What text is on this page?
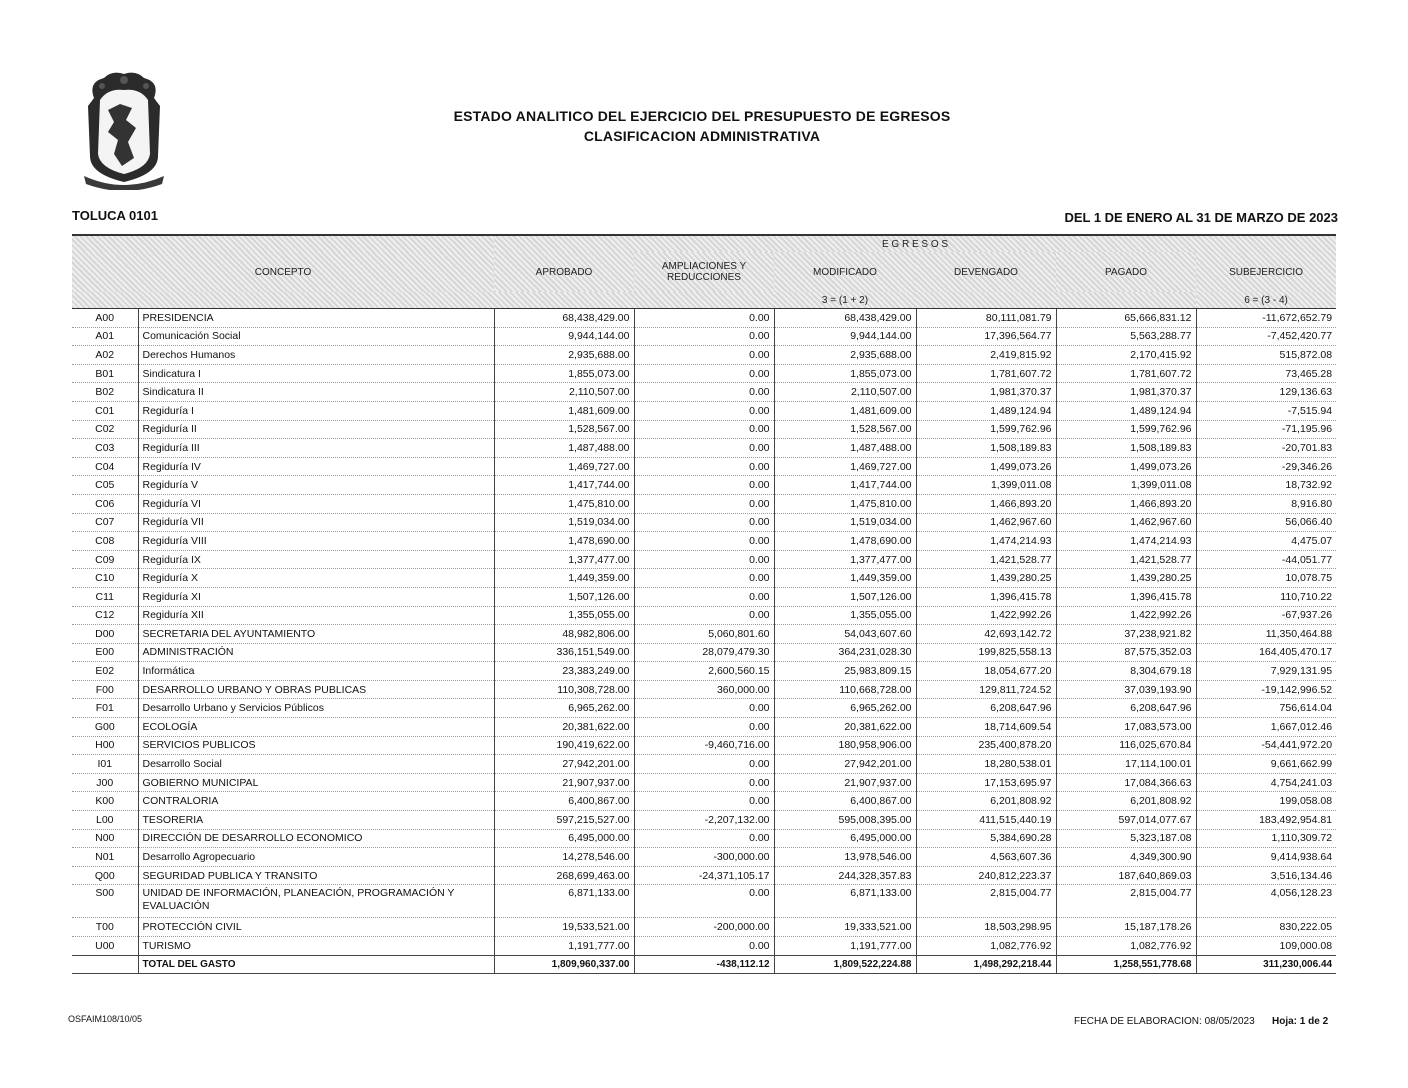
ESTADO ANALITICO DEL EJERCICIO DEL PRESUPUESTO DE EGRESOS
CLASIFICACION ADMINISTRATIVA
TOLUCA 0101	DEL 1 DE ENERO AL 31 DE MARZO DE 2023
		E G R E S O S					
CONCEPTO		APROBADO	AMPLIACIONES Y REDUCCIONES	MODIFICADO	DEVENGADO	PAGADO	SUBEJERCICIO
				3 = (1 + 2)			6 = (3 - 4)
A00	PRESIDENCIA	68,438,429.00	0.00	68,438,429.00	80,111,081.79	65,666,831.12	-11,672,652.79
A01	Comunicación Social	9,944,144.00	0.00	9,944,144.00	17,396,564.77	5,563,288.77	-7,452,420.77
A02	Derechos Humanos	2,935,688.00	0.00	2,935,688.00	2,419,815.92	2,170,415.92	515,872.08
B01	Sindicatura I	1,855,073.00	0.00	1,855,073.00	1,781,607.72	1,781,607.72	73,465.28
B02	Sindicatura II	2,110,507.00	0.00	2,110,507.00	1,981,370.37	1,981,370.37	129,136.63
C01	Regiduría I	1,481,609.00	0.00	1,481,609.00	1,489,124.94	1,489,124.94	-7,515.94
C02	Regiduría II	1,528,567.00	0.00	1,528,567.00	1,599,762.96	1,599,762.96	-71,195.96
C03	Regiduría III	1,487,488.00	0.00	1,487,488.00	1,508,189.83	1,508,189.83	-20,701.83
C04	Regiduría IV	1,469,727.00	0.00	1,469,727.00	1,499,073.26	1,499,073.26	-29,346.26
C05	Regiduría V	1,417,744.00	0.00	1,417,744.00	1,399,011.08	1,399,011.08	18,732.92
C06	Regiduría VI	1,475,810.00	0.00	1,475,810.00	1,466,893.20	1,466,893.20	8,916.80
C07	Regiduría VII	1,519,034.00	0.00	1,519,034.00	1,462,967.60	1,462,967.60	56,066.40
C08	Regiduría VIII	1,478,690.00	0.00	1,478,690.00	1,474,214.93	1,474,214.93	4,475.07
C09	Regiduría IX	1,377,477.00	0.00	1,377,477.00	1,421,528.77	1,421,528.77	-44,051.77
C10	Regiduría X	1,449,359.00	0.00	1,449,359.00	1,439,280.25	1,439,280.25	10,078.75
C11	Regiduría XI	1,507,126.00	0.00	1,507,126.00	1,396,415.78	1,396,415.78	110,710.22
C12	Regiduría XII	1,355,055.00	0.00	1,355,055.00	1,422,992.26	1,422,992.26	-67,937.26
D00	SECRETARIA DEL AYUNTAMIENTO	48,982,806.00	5,060,801.60	54,043,607.60	42,693,142.72	37,238,921.82	11,350,464.88
E00	ADMINISTRACIÓN	336,151,549.00	28,079,479.30	364,231,028.30	199,825,558.13	87,575,352.03	164,405,470.17
E02	Informática	23,383,249.00	2,600,560.15	25,983,809.15	18,054,677.20	8,304,679.18	7,929,131.95
F00	DESARROLLO URBANO Y OBRAS PUBLICAS	110,308,728.00	360,000.00	110,668,728.00	129,811,724.52	37,039,193.90	-19,142,996.52
F01	Desarrollo Urbano y Servicios Públicos	6,965,262.00	0.00	6,965,262.00	6,208,647.96	6,208,647.96	756,614.04
G00	ECOLOGÍA	20,381,622.00	0.00	20,381,622.00	18,714,609.54	17,083,573.00	1,667,012.46
H00	SERVICIOS PUBLICOS	190,419,622.00	-9,460,716.00	180,958,906.00	235,400,878.20	116,025,670.84	-54,441,972.20
I01	Desarrollo Social	27,942,201.00	0.00	27,942,201.00	18,280,538.01	17,114,100.01	9,661,662.99
J00	GOBIERNO MUNICIPAL	21,907,937.00	0.00	21,907,937.00	17,153,695.97	17,084,366.63	4,754,241.03
K00	CONTRALORIA	6,400,867.00	0.00	6,400,867.00	6,201,808.92	6,201,808.92	199,058.08
L00	TESORERIA	597,215,527.00	-2,207,132.00	595,008,395.00	411,515,440.19	597,014,077.67	183,492,954.81
N00	DIRECCIÓN DE DESARROLLO ECONOMICO	6,495,000.00	0.00	6,495,000.00	5,384,690.28	5,323,187.08	1,110,309.72
N01	Desarrollo Agropecuario	14,278,546.00	-300,000.00	13,978,546.00	4,563,607.36	4,349,300.90	9,414,938.64
Q00	SEGURIDAD PUBLICA Y TRANSITO	268,699,463.00	-24,371,105.17	244,328,357.83	240,812,223.37	187,640,869.03	3,516,134.46
S00	UNIDAD DE INFORMACIÓN, PLANEACIÓN, PROGRAMACIÓN Y EVALUACIÓN	6,871,133.00	0.00	6,871,133.00	2,815,004.77	2,815,004.77	4,056,128.23
T00	PROTECCIÓN CIVIL	19,533,521.00	-200,000.00	19,333,521.00	18,503,298.95	15,187,178.26	830,222.05
U00	TURISMO	1,191,777.00	0.00	1,191,777.00	1,082,776.92	1,082,776.92	109,000.08
	TOTAL DEL GASTO	1,809,960,337.00	-438,112.12	1,809,522,224.88	1,498,292,218.44	1,258,551,778.68	311,230,006.44
OSFAIM108/10/05	FECHA DE ELABORACION: 08/05/2023 Hoja: 1 de 2
